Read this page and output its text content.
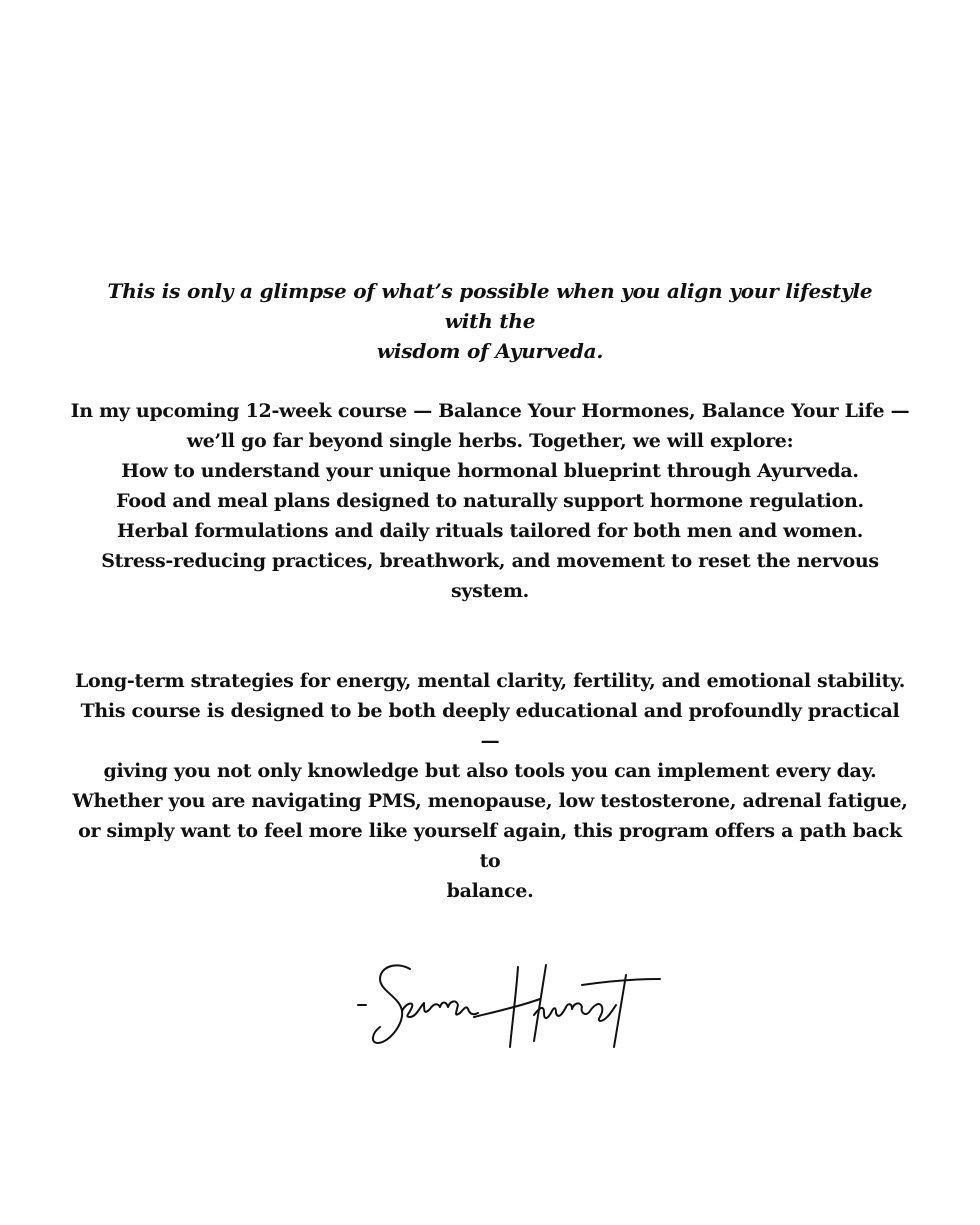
This is only a glimpse of what’s possible when you align your lifestyle with the
wisdom of Ayurveda.

In my upcoming 12-week course — Balance Your Hormones, Balance Your Life —
we’ll go far beyond single herbs. Together, we will explore:
How to understand your unique hormonal blueprint through Ayurveda.
Food and meal plans designed to naturally support hormone regulation.
Herbal formulations and daily rituals tailored for both men and women.
Stress-reducing practices, breathwork, and movement to reset the nervous
system.

Long-term strategies for energy, mental clarity, fertility, and emotional stability.
This course is designed to be both deeply educational and profoundly practical —
giving you not only knowledge but also tools you can implement every day.
Whether you are navigating PMS, menopause, low testosterone, adrenal fatigue,
or simply want to feel more like yourself again, this program offers a path back to
balance.
